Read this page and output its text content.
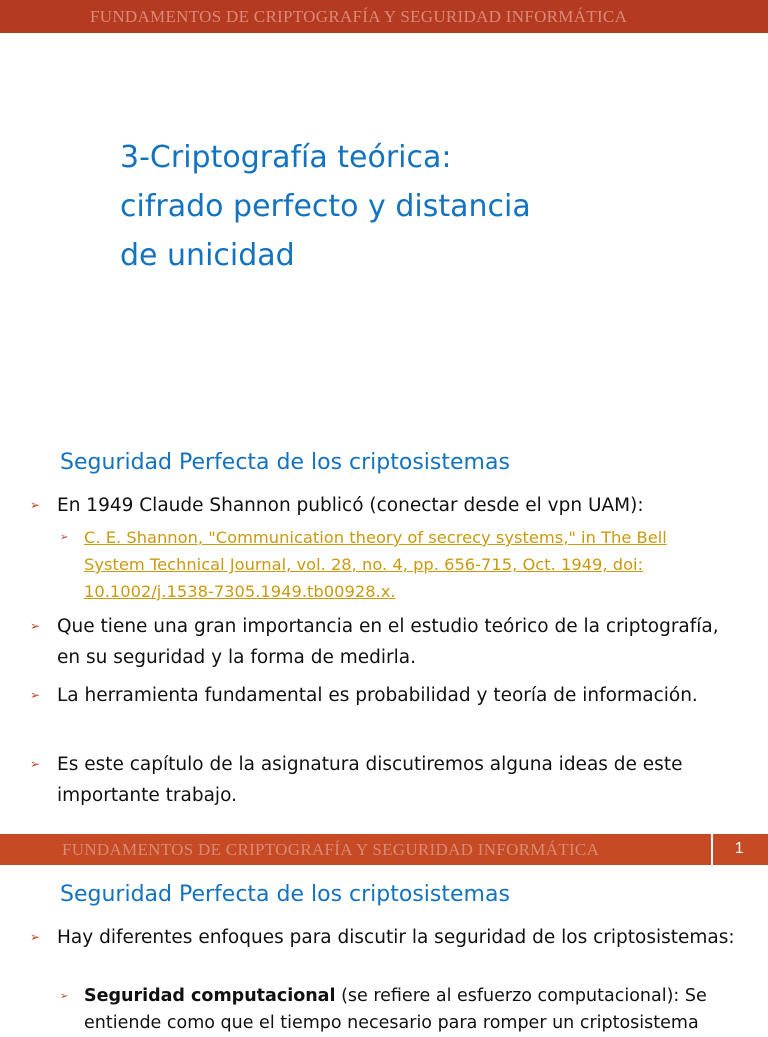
FUNDAMENTOS DE CRIPTOGRAFÍA Y SEGURIDAD INFORMÁTICA
3-Criptografía teórica:
cifrado perfecto y distancia
de unicidad
Seguridad Perfecta de los criptosistemas
➢ En 1949 Claude Shannon publicó (conectar desde el vpn UAM):
➢ C. E. Shannon, "Communication theory of secrecy systems," in The Bell System Technical Journal, vol. 28, no. 4, pp. 656-715, Oct. 1949, doi: 10.1002/j.1538-7305.1949.tb00928.x.
➢ Que tiene una gran importancia en el estudio teórico de la criptografía, en su seguridad y la forma de medirla.
➢ La herramienta fundamental es probabilidad y teoría de información.
➢ Es este capítulo de la asignatura discutiremos alguna ideas de este importante trabajo.
FUNDAMENTOS DE CRIPTOGRAFÍA Y SEGURIDAD INFORMÁTICA	1
Seguridad Perfecta de los criptosistemas
➢ Hay diferentes enfoques para discutir la seguridad de los criptosistemas:
➢ Seguridad computacional (se refiere al esfuerzo computacional): Se entiende como que el tiempo necesario para romper un criptosistema
